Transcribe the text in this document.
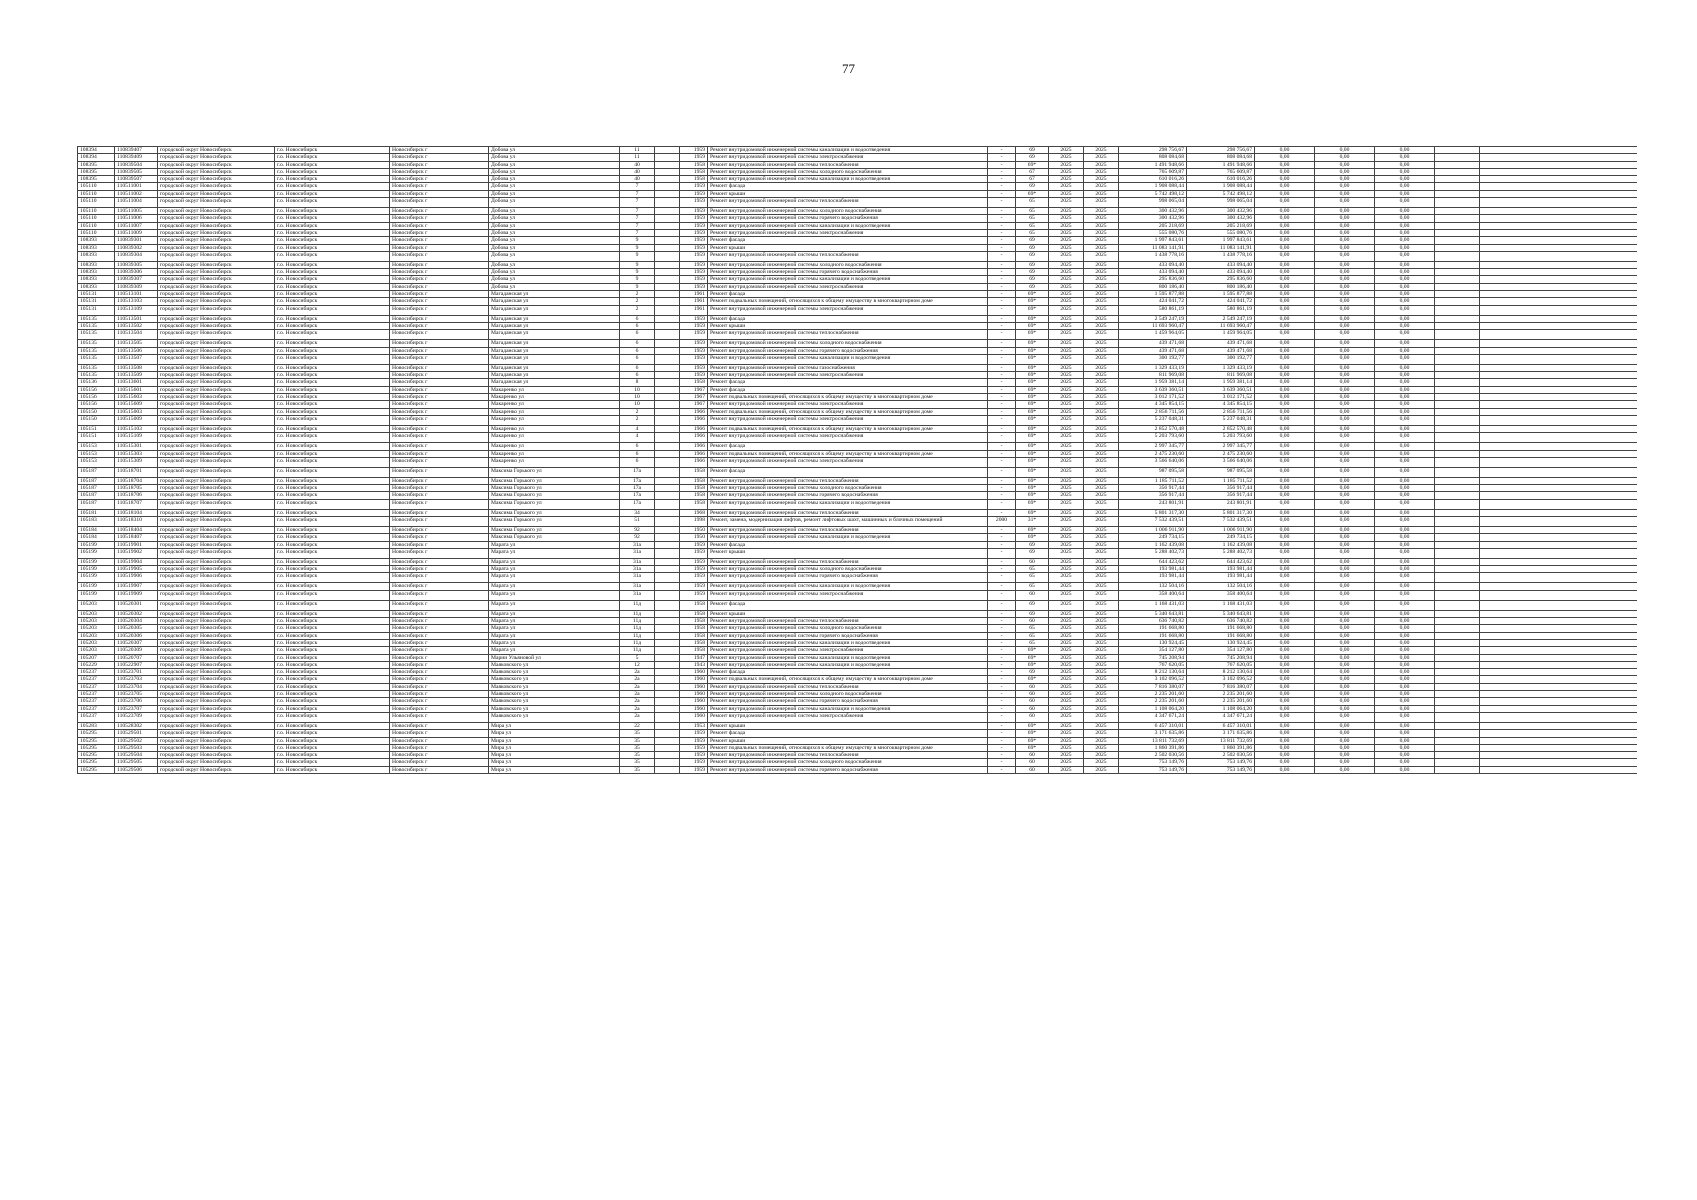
77
108394	110839407	городской округ Новосибирск	г.о. Новосибирск	Новосибирск г	Добова ул	11		1959	Ремонт внутридомовой инженерной системы канализации и водоотведения	-	69	2025	2025	298 756,67	298 756,67	0,00	0,00	0,00		
108394	110839409	городской округ Новосибирск	г.о. Новосибирск	Новосибирск г	Добова ул	11		1959	Ремонт внутридомовой инженерной системы электроснабжения	-	69	2025	2025	808 084,68	808 084,68	0,00	0,00	0,00		
108395	110839504	городской округ Новосибирск	г.о. Новосибирск	Новосибирск г	Добова ул	40		1958	Ремонт внутридомовой инженерной системы теплоснабжения	-	69*	2025	2025	1 491 948,66	1 491 948,66	0,00	0,00	0,00		
108395	110839505	городской округ Новосибирск	г.о. Новосибирск	Новосибирск г	Добова ул	40		1958	Ремонт внутридомовой инженерной системы холодного водоснабжения	-	67	2025	2025	765 609,87	765 609,87	0,00	0,00	0,00		
108395	110839507	городской округ Новосибирск	г.о. Новосибирск	Новосибирск г	Добова ул	40		1958	Ремонт внутридомовой инженерной системы канализации и водоотведения	-	67	2025	2025	610 016,26	610 016,26	0,00	0,00	0,00		
105110	110511001	городской округ Новосибирск	г.о. Новосибирск	Новосибирск г	Добова ул	7		1959	Ремонт фасада	-	69	2025	2025	1 908 088,44	1 908 088,44	0,00	0,00	0,00		
105110	110511002	городской округ Новосибирск	г.о. Новосибирск	Новосибирск г	Добова ул	7		1959	Ремонт крыши	-	69*	2025	2025	5 742 498,12	5 742 498,12	0,00	0,00	0,00		
105110	110511004	городской округ Новосибирск	г.о. Новосибирск	Новосибирск г	Добова ул	7		1959	Ремонт внутридомовой инженерной системы теплоснабжения	-	65	2025	2025	998 065,04	998 065,04	0,00	0,00	0,00		
105110	110511005	городской округ Новосибирск	г.о. Новосибирск	Новосибирск г	Добова ул	7		1959	Ремонт внутридомовой инженерной системы холодного водоснабжения	-	65	2025	2025	300 432,96	300 432,96	0,00	0,00	0,00		
105110	110511006	городской округ Новосибирск	г.о. Новосибирск	Новосибирск г	Добова ул	7		1959	Ремонт внутридомовой инженерной системы горячего водоснабжения	-	65	2025	2025	300 432,96	300 432,96	0,00	0,00	0,00		
105110	110511007	городской округ Новосибирск	г.о. Новосибирск	Новосибирск г	Добова ул	7		1959	Ремонт внутридомовой инженерной системы канализации и водоотведения	-	65	2025	2025	205 218,69	205 218,69	0,00	0,00	0,00		
105110	110511009	городской округ Новосибирск	г.о. Новосибирск	Новосибирск г	Добова ул	7		1959	Ремонт внутридомовой инженерной системы электроснабжения	-	65	2025	2025	555 080,76	555 080,76	0,00	0,00	0,00		
108393	110839301	городской округ Новосибирск	г.о. Новосибирск	Новосибирск г	Добова ул	9		1959	Ремонт фасада	-	69	2025	2025	1 997 843,61	1 997 843,61	0,00	0,00	0,00		
108393	110839302	городской округ Новосибирск	г.о. Новосибирск	Новосибирск г	Добова ул	9		1959	Ремонт крыши	-	69	2025	2025	11 083 141,91	11 083 141,91	0,00	0,00	0,00		
108393	110839304	городской округ Новосибирск	г.о. Новосибирск	Новосибирск г	Добова ул	9		1959	Ремонт внутридомовой инженерной системы теплоснабжения	-	69	2025	2025	1 438 778,16	1 438 778,16	0,00	0,00	0,00		
108393	110839305	городской округ Новосибирск	г.о. Новосибирск	Новосибирск г	Добова ул	9		1959	Ремонт внутридомовой инженерной системы холодного водоснабжения	-	69	2025	2025	433 094,40	433 094,40	0,00	0,00	0,00		
108393	110839306	городской округ Новосибирск	г.о. Новосибирск	Новосибирск г	Добова ул	9		1959	Ремонт внутридомовой инженерной системы горячего водоснабжения	-	69	2025	2025	433 094,40	433 094,40	0,00	0,00	0,00		
108393	110839307	городской округ Новосибирск	г.о. Новосибирск	Новосибирск г	Добова ул	9		1959	Ремонт внутридомовой инженерной системы канализации и водоотведения	-	69	2025	2025	295 836,60	295 836,60	0,00	0,00	0,00		
108393	110839309	городской округ Новосибирск	г.о. Новосибирск	Новосибирск г	Добова ул	9		1959	Ремонт внутридомовой инженерной системы электроснабжения	-	69	2025	2025	800 186,40	800 186,40	0,00	0,00	0,00		
105131	110513101	городской округ Новосибирск	г.о. Новосибирск	Новосибирск г	Магаданская ул	2		1961	Ремонт фасада	-	69*	2025	2025	1 595 877,88	1 595 877,88	0,00	0,00	0,00		
105131	110513103	городской округ Новосибирск	г.о. Новосибирск	Новосибирск г	Магаданская ул	2		1961	Ремонт подвальных помещений, относящихся к общему имуществу в многоквартирном доме	-	69*	2025	2025	424 041,72	424 041,72	0,00	0,00	0,00		
105131	110513109	городской округ Новосибирск	г.о. Новосибирск	Новосибирск г	Магаданская ул	2		1961	Ремонт внутридомовой инженерной системы электроснабжения	-	69*	2025	2025	580 861,19	580 861,19	0,00	0,00	0,00		
105135	110513501	городской округ Новосибирск	г.о. Новосибирск	Новосибирск г	Магаданская ул	6		1959	Ремонт фасада	-	69*	2025	2025	2 549 247,19	2 549 247,19	0,00	0,00	0,00		
105135	110513502	городской округ Новосибирск	г.о. Новосибирск	Новосибирск г	Магаданская ул	6		1959	Ремонт крыши	-	69*	2025	2025	11 693 960,47	11 693 960,47	0,00	0,00	0,00		
105135	110513504	городской округ Новосибирск	г.о. Новосибирск	Новосибирск г	Магаданская ул	6		1959	Ремонт внутридомовой инженерной системы теплоснабжения	-	69*	2025	2025	1 459 964,05	1 459 964,05	0,00	0,00	0,00		
105135	110513505	городской округ Новосибирск	г.о. Новосибирск	Новосибирск г	Магаданская ул	6		1959	Ремонт внутридомовой инженерной системы холодного водоснабжения	-	69*	2025	2025	439 471,68	439 471,68	0,00	0,00	0,00		
105135	110513506	городской округ Новосибирск	г.о. Новосибирск	Новосибирск г	Магаданская ул	6		1959	Ремонт внутридомовой инженерной системы горячего водоснабжения	-	69*	2025	2025	439 471,68	439 471,68	0,00	0,00	0,00		
105135	110513507	городской округ Новосибирск	г.о. Новосибирск	Новосибирск г	Магаданская ул	6		1959	Ремонт внутридомовой инженерной системы канализации и водоотведения	-	69*	2025	2025	300 192,77	300 192,77	0,00	0,00	0,00		
105135	110513508	городской округ Новосибирск	г.о. Новосибирск	Новосибирск г	Магаданская ул	6		1959	Ремонт внутридомовой инженерной системы газоснабжения	-	69*	2025	2025	1 329 433,19	1 329 433,19	0,00	0,00	0,00		
105135	110513509	городской округ Новосибирск	г.о. Новосибирск	Новосибирск г	Магаданская ул	6		1959	Ремонт внутридомовой инженерной системы электроснабжения	-	69*	2025	2025	811 969,08	811 969,08	0,00	0,00	0,00		
105136	110513601	городской округ Новосибирск	г.о. Новосибирск	Новосибирск г	Магаданская ул	8		1958	Ремонт фасада	-	69*	2025	2025	1 959 381,14	1 959 381,14	0,00	0,00	0,00		
105156	110515601	городской округ Новосибирск	г.о. Новосибирск	Новосибирск г	Макаренко ул	10		1967	Ремонт фасада	-	69*	2025	2025	3 639 360,51	3 639 360,51	0,00	0,00	0,00		
105156	110515603	городской округ Новосибирск	г.о. Новосибирск	Новосибирск г	Макаренко ул	10		1967	Ремонт подвальных помещений, относящихся к общему имуществу в многоквартирном доме	-	69*	2025	2025	3 012 171,52	3 012 171,52	0,00	0,00	0,00		
105156	110515609	городской округ Новосибирск	г.о. Новосибирск	Новосибирск г	Макаренко ул	10		1967	Ремонт внутридомовой инженерной системы электроснабжения	-	69*	2025	2025	4 345 854,15	4 345 854,15	0,00	0,00	0,00		
105150	110515003	городской округ Новосибирск	г.о. Новосибирск	Новосибирск г	Макаренко ул	2		1966	Ремонт подвальных помещений, относящихся к общему имуществу в многоквартирном доме	-	69*	2025	2025	2 856 711,56	2 856 711,56	0,00	0,00	0,00		
105150	110515009	городской округ Новосибирск	г.о. Новосибирск	Новосибирск г	Макаренко ул	2		1966	Ремонт внутридомовой инженерной системы электроснабжения	-	69*	2025	2025	5 237 048,31	5 237 048,31	0,00	0,00	0,00		
105151	110515103	городской округ Новосибирск	г.о. Новосибирск	Новосибирск г	Макаренко ул	4		1966	Ремонт подвальных помещений, относящихся к общему имуществу в многоквартирном доме	-	69*	2025	2025	2 852 570,48	2 852 570,48	0,00	0,00	0,00		
105151	110515109	городской округ Новосибирск	г.о. Новосибирск	Новосибирск г	Макаренко ул	4		1966	Ремонт внутридомовой инженерной системы электроснабжения	-	69*	2025	2025	5 203 793,60	5 203 793,60	0,00	0,00	0,00		
105153	110515301	городской округ Новосибирск	г.о. Новосибирск	Новосибирск г	Макаренко ул	6		1966	Ремонт фасада	-	69*	2025	2025	2 997 345,77	2 997 345,77	0,00	0,00	0,00		
105153	110515303	городской округ Новосибирск	г.о. Новосибирск	Новосибирск г	Макаренко ул	6		1966	Ремонт подвальных помещений, относящихся к общему имуществу в многоквартирном доме	-	69*	2025	2025	2 475 230,60	2 475 230,60	0,00	0,00	0,00		
105153	110515309	городской округ Новосибирск	г.о. Новосибирск	Новосибирск г	Макаренко ул	6		1966	Ремонт внутридомовой инженерной системы электроснабжения	-	69*	2025	2025	3 566 640,06	3 566 640,06	0,00	0,00	0,00		
105187	110518701	городской округ Новосибирск	г.о. Новосибирск	Новосибирск г	Максима Горького ул	17а		1958	Ремонт фасада	-	69*	2025	2025	987 095,58	987 095,58	0,00	0,00	0,00		
105187	110518704	городской округ Новосибирск	г.о. Новосибирск	Новосибирск г	Максима Горького ул	17а		1958	Ремонт внутридомовой инженерной системы теплоснабжения	-	69*	2025	2025	1 185 711,52	1 185 711,52	0,00	0,00	0,00		
105187	110518705	городской округ Новосибирск	г.о. Новосибирск	Новосибирск г	Максима Горького ул	17а		1958	Ремонт внутридомовой инженерной системы холодного водоснабжения	-	69*	2025	2025	356 917,44	356 917,44	0,00	0,00	0,00		
105187	110518706	городской округ Новосибирск	г.о. Новосибирск	Новосибирск г	Максима Горького ул	17а		1958	Ремонт внутридомовой инженерной системы горячего водоснабжения	-	69*	2025	2025	356 917,44	356 917,44	0,00	0,00	0,00		
105187	110518707	городской округ Новосибирск	г.о. Новосибирск	Новосибирск г	Максима Горького ул	17а		1958	Ремонт внутридомовой инженерной системы канализации и водоотведения	-	69*	2025	2025	243 801,91	243 801,91	0,00	0,00	0,00		
105181	110518104	городской округ Новосибирск	г.о. Новосибирск	Новосибирск г	Максима Горького ул	34		1968	Ремонт внутридомовой инженерной системы теплоснабжения	-	69*	2025	2025	5 801 317,30	5 801 317,30	0,00	0,00	0,00		
105183	110518310	городской округ Новосибирск	г.о. Новосибирск	Новосибирск г	Максима Горького ул	51		1998	Ремонт, замена, модернизация лифтов, ремонт лифтовых шахт, машинных и блочных помещений	2000	31*	2025	2025	7 532 439,51	7 532 439,51	0,00	0,00	0,00		
105184	110518404	городской округ Новосибирск	г.о. Новосибирск	Новосибирск г	Максима Горького ул	92		1950	Ремонт внутридомовой инженерной системы теплоснабжения	-	69*	2025	2025	1 006 911,90	1 006 911,90	0,00	0,00	0,00		
105184	110518407	городской округ Новосибирск	г.о. Новосибирск	Новосибирск г	Максима Горького ул	92		1950	Ремонт внутридомовой инженерной системы канализации и водоотведения	-	69*	2025	2025	249 734,15	249 734,15	0,00	0,00	0,00		
105199	110519901	городской округ Новосибирск	г.о. Новосибирск	Новосибирск г	Марата ул	31а		1959	Ремонт фасада	-	69	2025	2025	1 162 439,08	1 162 439,08	0,00	0,00	0,00		
105199	110519902	городской округ Новосибирск	г.о. Новосибирск	Новосибирск г	Марата ул	31а		1959	Ремонт крыши	-	69	2025	2025	5 288 402,73	5 288 402,73	0,00	0,00	0,00		
105199	110519904	городской округ Новосибирск	г.о. Новосибирск	Новосибирск г	Марата ул	31а		1959	Ремонт внутридомовой инженерной системы теплоснабжения	-	60	2025	2025	644 423,62	644 423,62	0,00	0,00	0,00		
105199	110519905	городской округ Новосибирск	г.о. Новосибирск	Новосибирск г	Марата ул	31а		1959	Ремонт внутридомовой инженерной системы холодного водоснабжения	-	65	2025	2025	193 981,44	193 981,44	0,00	0,00	0,00		
105199	110519906	городской округ Новосибирск	г.о. Новосибирск	Новосибирск г	Марата ул	31а		1959	Ремонт внутридомовой инженерной системы горячего водоснабжения	-	65	2025	2025	193 981,44	193 981,44	0,00	0,00	0,00		
105199	110519907	городской округ Новосибирск	г.о. Новосибирск	Новосибирск г	Марата ул	31а		1959	Ремонт внутридомовой инженерной системы канализации и водоотведения	-	65	2025	2025	132 504,16	132 504,16	0,00	0,00	0,00		
105199	110519909	городской округ Новосибирск	г.о. Новосибирск	Новосибирск г	Марата ул	31а		1959	Ремонт внутридомовой инженерной системы электроснабжения	-	60	2025	2025	358 400,64	358 400,64	0,00	0,00	0,00		
105203	110520301	городской округ Новосибирск	г.о. Новосибирск	Новосибирск г	Марата ул	11д		1958	Ремонт фасада	-	69	2025	2025	1 168 431,03	1 168 431,03	0,00	0,00	0,00		
105203	110520302	городской округ Новосибирск	г.о. Новосибирск	Новосибирск г	Марата ул	11д		1958	Ремонт крыши	-	69	2025	2025	5 340 643,81	5 340 643,81	0,00	0,00	0,00		
105203	110520304	городской округ Новосибирск	г.о. Новосибирск	Новосибирск г	Марата ул	11д		1958	Ремонт внутридомовой инженерной системы теплоснабжения	-	60	2025	2025	636 740,82	636 740,82	0,00	0,00	0,00		
105203	110520305	городской округ Новосибирск	г.о. Новосибирск	Новосибирск г	Марата ул	11д		1958	Ремонт внутридомовой инженерной системы холодного водоснабжения	-	65	2025	2025	191 668,80	191 668,80	0,00	0,00	0,00		
105203	110520306	городской округ Новосибирск	г.о. Новосибирск	Новосибирск г	Марата ул	11д		1958	Ремонт внутридомовой инженерной системы горячего водоснабжения	-	65	2025	2025	191 668,80	191 668,80	0,00	0,00	0,00		
105203	110520307	городской округ Новосибирск	г.о. Новосибирск	Новосибирск г	Марата ул	11д		1958	Ремонт внутридомовой инженерной системы канализации и водоотведения	-	65	2025	2025	130 924,45	130 924,45	0,00	0,00	0,00		
105203	110520309	городской округ Новосибирск	г.о. Новосибирск	Новосибирск г	Марата ул	11д		1958	Ремонт внутридомовой инженерной системы электроснабжения	-	69*	2025	2025	354 127,80	354 127,80	0,00	0,00	0,00		
105207	110520707	городской округ Новосибирск	г.о. Новосибирск	Новосибирск г	Марии Ульяновой ул	5		1947	Ремонт внутридомовой инженерной системы канализации и водоотведения	-	69*	2025	2025	745 208,94	745 208,94	0,00	0,00	0,00		
105229	110522907	городской округ Новосибирск	г.о. Новосибирск	Новосибирск г	Маяковского ул	12		1943	Ремонт внутридомовой инженерной системы канализации и водоотведения	-	69*	2025	2025	767 620,05	767 620,05	0,00	0,00	0,00		
105237	110523701	городской округ Новосибирск	г.о. Новосибирск	Новосибирск г	Маяковского ул	2а		1960	Ремонт фасада	-	69	2025	2025	8 212 130,64	8 212 130,64	0,00	0,00	0,00		
105237	110523703	городской округ Новосибирск	г.о. Новосибирск	Новосибирск г	Маяковского ул	2а		1960	Ремонт подвальных помещений, относящихся к общему имуществу в многоквартирном доме	-	69*	2025	2025	3 102 096,52	3 102 096,52	0,00	0,00	0,00		
105237	110523704	городской округ Новосибирск	г.о. Новосибирск	Новосибирск г	Маяковского ул	2а		1960	Ремонт внутридомовой инженерной системы теплоснабжения	-	60	2025	2025	7 816 380,07	7 816 380,07	0,00	0,00	0,00		
105237	110523705	городской округ Новосибирск	г.о. Новосибирск	Новосибирск г	Маяковского ул	2а		1960	Ремонт внутридомовой инженерной системы холодного водоснабжения	-	60	2025	2025	2 235 201,60	2 235 201,60	0,00	0,00	0,00		
105237	110523706	городской округ Новосибирск	г.о. Новосибирск	Новосибирск г	Маяковского ул	2а		1960	Ремонт внутридомовой инженерной системы горячего водоснабжения	-	60	2025	2025	2 235 201,60	2 235 201,60	0,00	0,00	0,00		
105237	110523707	городской округ Новосибирск	г.о. Новосибирск	Новосибирск г	Маяковского ул	2а		1960	Ремонт внутридомовой инженерной системы канализации и водоотведения	-	60	2025	2025	1 108 064,20	1 108 064,20	0,00	0,00	0,00		
105237	110523709	городской округ Новосибирск	г.о. Новосибирск	Новосибирск г	Маяковского ул	2а		1960	Ремонт внутридомовой инженерной системы электроснабжения	-	60	2025	2025	4 347 671,24	4 347 671,24	0,00	0,00	0,00		
105283	110528302	городской округ Новосибирск	г.о. Новосибирск	Новосибирск г	Мира ул	22		1953	Ремонт крыши	-	69*	2025	2025	6 457 310,01	6 457 310,01	0,00	0,00	0,00		
105295	110529501	городской округ Новосибирск	г.о. Новосибирск	Новосибирск г	Мира ул	35		1959	Ремонт фасада	-	69*	2025	2025	3 171 635,86	3 171 635,86	0,00	0,00	0,00		
105295	110529502	городской округ Новосибирск	г.о. Новосибирск	Новосибирск г	Мира ул	35		1959	Ремонт крыши	-	69*	2025	2025	13 811 732,69	13 811 732,69	0,00	0,00	0,00		
105295	110529503	городской округ Новосибирск	г.о. Новосибирск	Новосибирск г	Мира ул	35		1959	Ремонт подвальных помещений, относящихся к общему имуществу в многоквартирном доме	-	69*	2025	2025	1 860 391,86	1 860 391,86	0,00	0,00	0,00		
105295	110529504	городской округ Новосибирск	г.о. Новосибирск	Новосибирск г	Мира ул	35		1959	Ремонт внутридомовой инженерной системы теплоснабжения	-	60	2025	2025	2 502 030,56	2 502 030,56	0,00	0,00	0,00		
105295	110529505	городской округ Новосибирск	г.о. Новосибирск	Новосибирск г	Мира ул	35		1959	Ремонт внутридомовой инженерной системы холодного водоснабжения	-	60	2025	2025	753 149,76	753 149,76	0,00	0,00	0,00		
105295	110529506	городской округ Новосибирск	г.о. Новосибирск	Новосибирск г	Мира ул	35		1959	Ремонт внутридомовой инженерной системы горячего водоснабжения	-	60	2025	2025	753 149,76	753 149,76	0,00	0,00	0,00		
